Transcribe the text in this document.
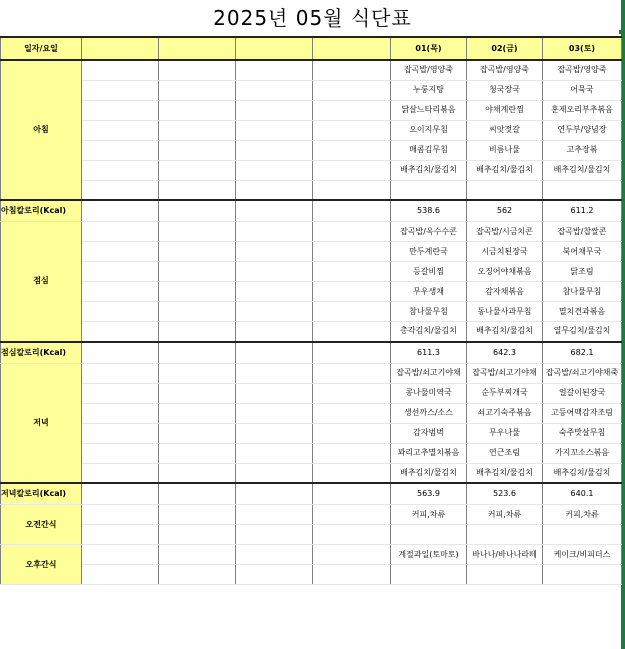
2025년 05월 식단표
일자/요일					01(목)	02(금)	03(토)
아침					잡곡밥/영양죽	잡곡밥/영양죽	잡곡밥/영양죽
					누룽지탕	청국장국	어묵국
					닭살느타리볶음	야채계란찜	훈제오리부추볶음
					오이지무침	씨앗젓갈	연두부/양념장
					매콤김무침	비름나물	고추장볶
					배추김치/물김치	배추김치/물김치	배추김치/물김치

아침칼로리(Kcal)					538.6	562	611.2
점심					잡곡밥/옥수수콘	잡곡밥/시금치콘	잡곡밥/찹쌀콘
					만두계란국	시금치된장국	북어채무국
					등갈비찜	오징어야채볶음	닭조림
					무우생채	감자채볶음	참나물무침
					참나물무침	동나물사과무침	멸치견과볶음
					총각김치/물김치	배추김치/물김치	열무김치/물김치
점심칼로리(Kcal)					611.3	642.3	682.1
저녁					잡곡밥/쇠고기야채	잡곡밥/쇠고기야채	잡곡밥/쇠고기야채죽
					콩나물미역국	순두부찌개국	얼갈이된장국
					생선까스/소스	쇠고기숙주볶음	고등어맥감자조림
					감자범벅	무우나물	숙주맛살무침
					꽈리고추멸치볶음	연근조림	가지꼬소스볶음
					배추김치/물김치	배추김치/물김치	배추김치/물김치
저녁칼로리(Kcal)					563.9	523.6	640.1
오전간식					커피,차류	커피,차류	커피,차류

오후간식					계절과일(토마토)	바나나/바나나라떼	케이크/비피더스
